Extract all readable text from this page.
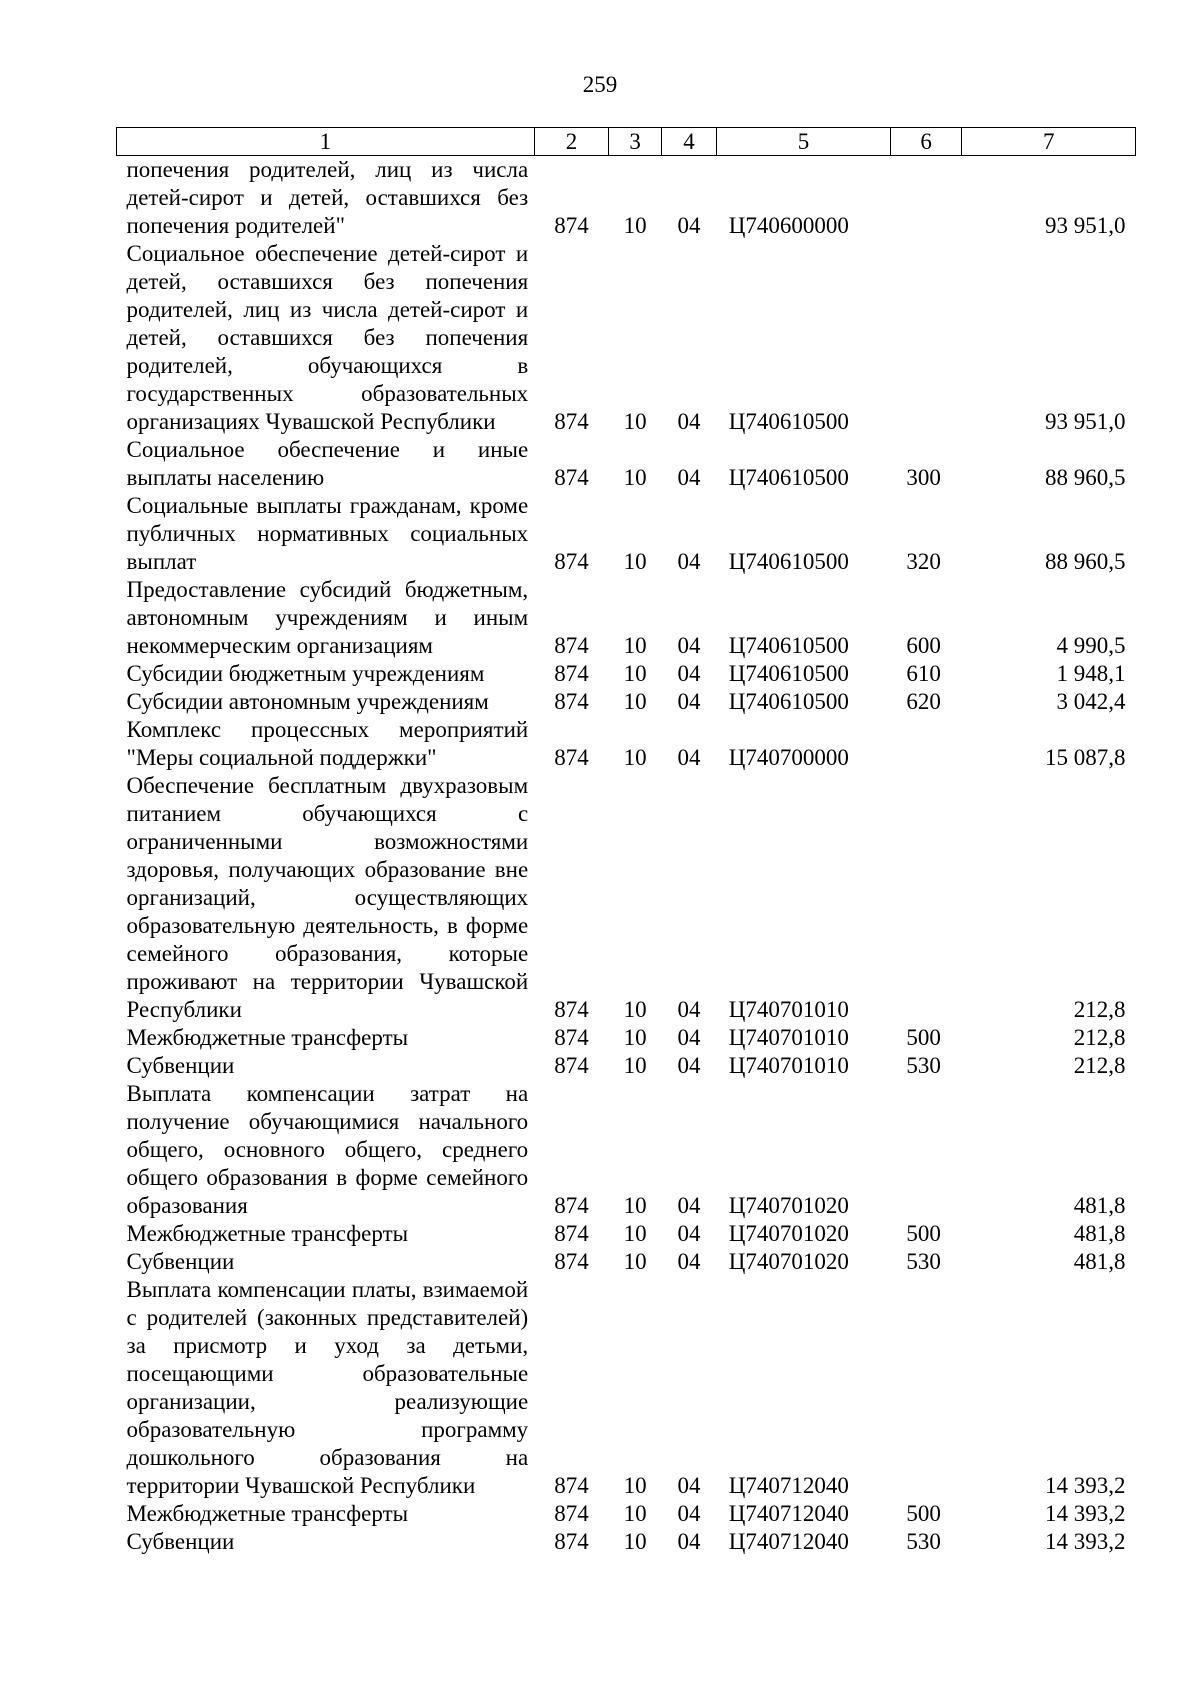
259
1	2	3	4	5	6	7
попечения родителей, лиц из числа детей-сирот и детей, оставшихся без попечения родителей"	874	10	04	Ц740600000		93 951,0
Социальное обеспечение детей-сирот и детей, оставшихся без попечения родителей, лиц из числа детей-сирот и детей, оставшихся без попечения родителей, обучающихся в государственных образовательных организациях Чувашской Республики	874	10	04	Ц740610500		93 951,0
Социальное обеспечение и иные выплаты населению	874	10	04	Ц740610500	300	88 960,5
Социальные выплаты гражданам, кроме публичных нормативных социальных выплат	874	10	04	Ц740610500	320	88 960,5
Предоставление субсидий бюджетным, автономным учреждениям и иным некоммерческим организациям	874	10	04	Ц740610500	600	4 990,5
Субсидии бюджетным учреждениям	874	10	04	Ц740610500	610	1 948,1
Субсидии автономным учреждениям	874	10	04	Ц740610500	620	3 042,4
Комплекс процессных мероприятий "Меры социальной поддержки"	874	10	04	Ц740700000		15 087,8
Обеспечение бесплатным двухразовым питанием обучающихся с ограниченными возможностями здоровья, получающих образование вне организаций, осуществляющих образовательную деятельность, в форме семейного образования, которые проживают на территории Чувашской Республики	874	10	04	Ц740701010		212,8
Межбюджетные трансферты	874	10	04	Ц740701010	500	212,8
Субвенции	874	10	04	Ц740701010	530	212,8
Выплата компенсации затрат на получение обучающимися начального общего, основного общего, среднего общего образования в форме семейного образования	874	10	04	Ц740701020		481,8
Межбюджетные трансферты	874	10	04	Ц740701020	500	481,8
Субвенции	874	10	04	Ц740701020	530	481,8
Выплата компенсации платы, взимаемой с родителей (законных представителей) за присмотр и уход за детьми, посещающими образовательные организации, реализующие образовательную программу дошкольного образования на территории Чувашской Республики	874	10	04	Ц740712040		14 393,2
Межбюджетные трансферты	874	10	04	Ц740712040	500	14 393,2
Субвенции	874	10	04	Ц740712040	530	14 393,2
